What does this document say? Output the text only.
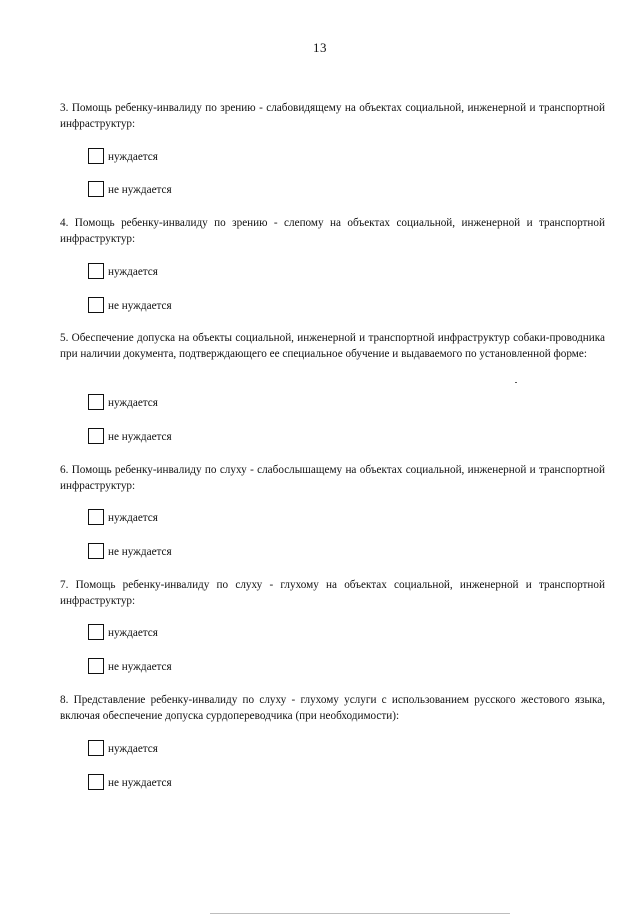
13

3. Помощь ребенку-инвалиду по зрению - слабовидящему на объектах социальной, инженерной и транспортной инфраструктур:

нуждается
не нуждается

4. Помощь ребенку-инвалиду по зрению - слепому на объектах социальной, инженерной и транспортной инфраструктур:

нуждается
не нуждается

5. Обеспечение допуска на объекты социальной, инженерной и транспортной инфраструктур собаки-проводника при наличии документа, подтверждающего ее специальное обучение и выдаваемого по установленной форме:

нуждается
не нуждается

6. Помощь ребенку-инвалиду по слуху - слабослышащему на объектах социальной, инженерной и транспортной инфраструктур:

нуждается
не нуждается

7. Помощь ребенку-инвалиду по слуху - глухому на объектах социальной, инженерной и транспортной инфраструктур:

нуждается
не нуждается

8. Представление ребенку-инвалиду по слуху - глухому услуги с использованием русского жестового языка, включая обеспечение допуска сурдопереводчика (при необходимости):

нуждается
не нуждается
